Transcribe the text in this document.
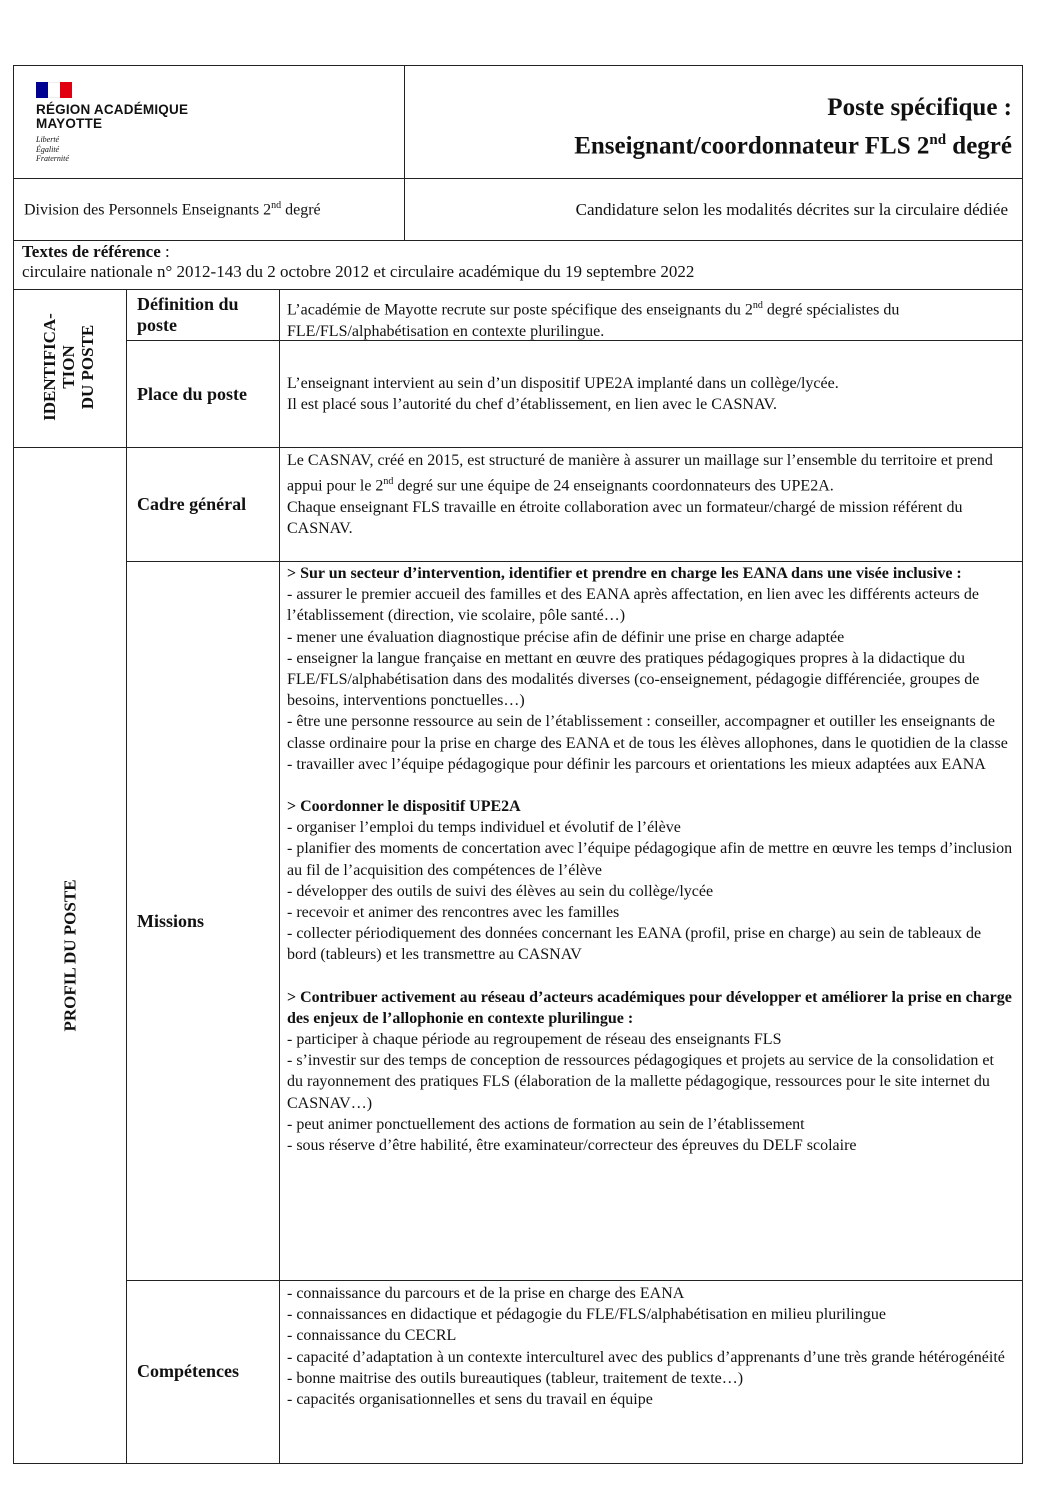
RÉGION ACADÉMIQUE
MAYOTTE
Liberté
Égalité
Fraternité
Poste spécifique :
Enseignant/coordonnateur FLS 2nd degré
Division des Personnels Enseignants 2nd degré	Candidature selon les modalités décrites sur la circulaire dédiée
Textes de référence :
circulaire nationale n° 2012-143 du 2 octobre 2012 et circulaire académique du 19 septembre 2022
IDENTIFICA- TION DU POSTE
Définition du poste
L’académie de Mayotte recrute sur poste spécifique des enseignants du 2nd degré spécialistes du FLE/FLS/alphabétisation en contexte plurilingue.
Place du poste

L’enseignant intervient au sein d’un dispositif UPE2A implanté dans un collège/lycée.

Il est placé sous l’autorité du chef d’établissement, en lien avec le CASNAV.

PROFIL DU POSTE
Cadre général

Le CASNAV, créé en 2015, est structuré de manière à assurer un maillage sur l’ensemble du territoire et prend appui pour le 2nd degré sur une équipe de 24 enseignants coordonnateurs des UPE2A.

Chaque enseignant FLS travaille en étroite collaboration avec un formateur/chargé de mission référent du CASNAV.

Missions

> Sur un secteur d’intervention, identifier et prendre en charge les EANA dans une visée inclusive :

- assurer le premier accueil des familles et des EANA après affectation, en lien avec les différents acteurs de l’établissement (direction, vie scolaire, pôle santé…)

- mener une évaluation diagnostique précise afin de définir une prise en charge adaptée

- enseigner la langue française en mettant en œuvre des pratiques pédagogiques propres à la didactique du FLE/FLS/alphabétisation dans des modalités diverses (co-enseignement, pédagogie différenciée, groupes de besoins, interventions ponctuelles…)

- être une personne ressource au sein de l’établissement : conseiller, accompagner et outiller les enseignants de classe ordinaire pour la prise en charge des EANA et de tous les élèves allophones, dans le quotidien de la classe

- travailler avec l’équipe pédagogique pour définir les parcours et orientations les mieux adaptées aux EANA

> Coordonner le dispositif UPE2A

- organiser l’emploi du temps individuel et évolutif de l’élève

- planifier des moments de concertation avec l’équipe pédagogique afin de mettre en œuvre les temps d’inclusion au fil de l’acquisition des compétences de l’élève

- développer des outils de suivi des élèves au sein du collège/lycée

- recevoir et animer des rencontres avec les familles

- collecter périodiquement des données concernant les EANA (profil, prise en charge) au sein de tableaux de bord (tableurs) et les transmettre au CASNAV

> Contribuer activement au réseau d’acteurs académiques pour développer et améliorer la prise en charge des enjeux de l’allophonie en contexte plurilingue :

- participer à chaque période au regroupement de réseau des enseignants FLS

- s’investir sur des temps de conception de ressources pédagogiques et projets au service de la consolidation et du rayonnement des pratiques FLS (élaboration de la mallette pédagogique, ressources pour le site internet du CASNAV…)

- peut animer ponctuellement des actions de formation au sein de l’établissement

- sous réserve d’être habilité, être examinateur/correcteur des épreuves du DELF scolaire

Compétences

- connaissance du parcours et de la prise en charge des EANA

- connaissances en didactique et pédagogie du FLE/FLS/alphabétisation en milieu plurilingue

- connaissance du CECRL

- capacité d’adaptation à un contexte interculturel avec des publics d’apprenants d’une très grande hétérogénéité

- bonne maitrise des outils bureautiques (tableur, traitement de texte…)

- capacités organisationnelles et sens du travail en équipe
